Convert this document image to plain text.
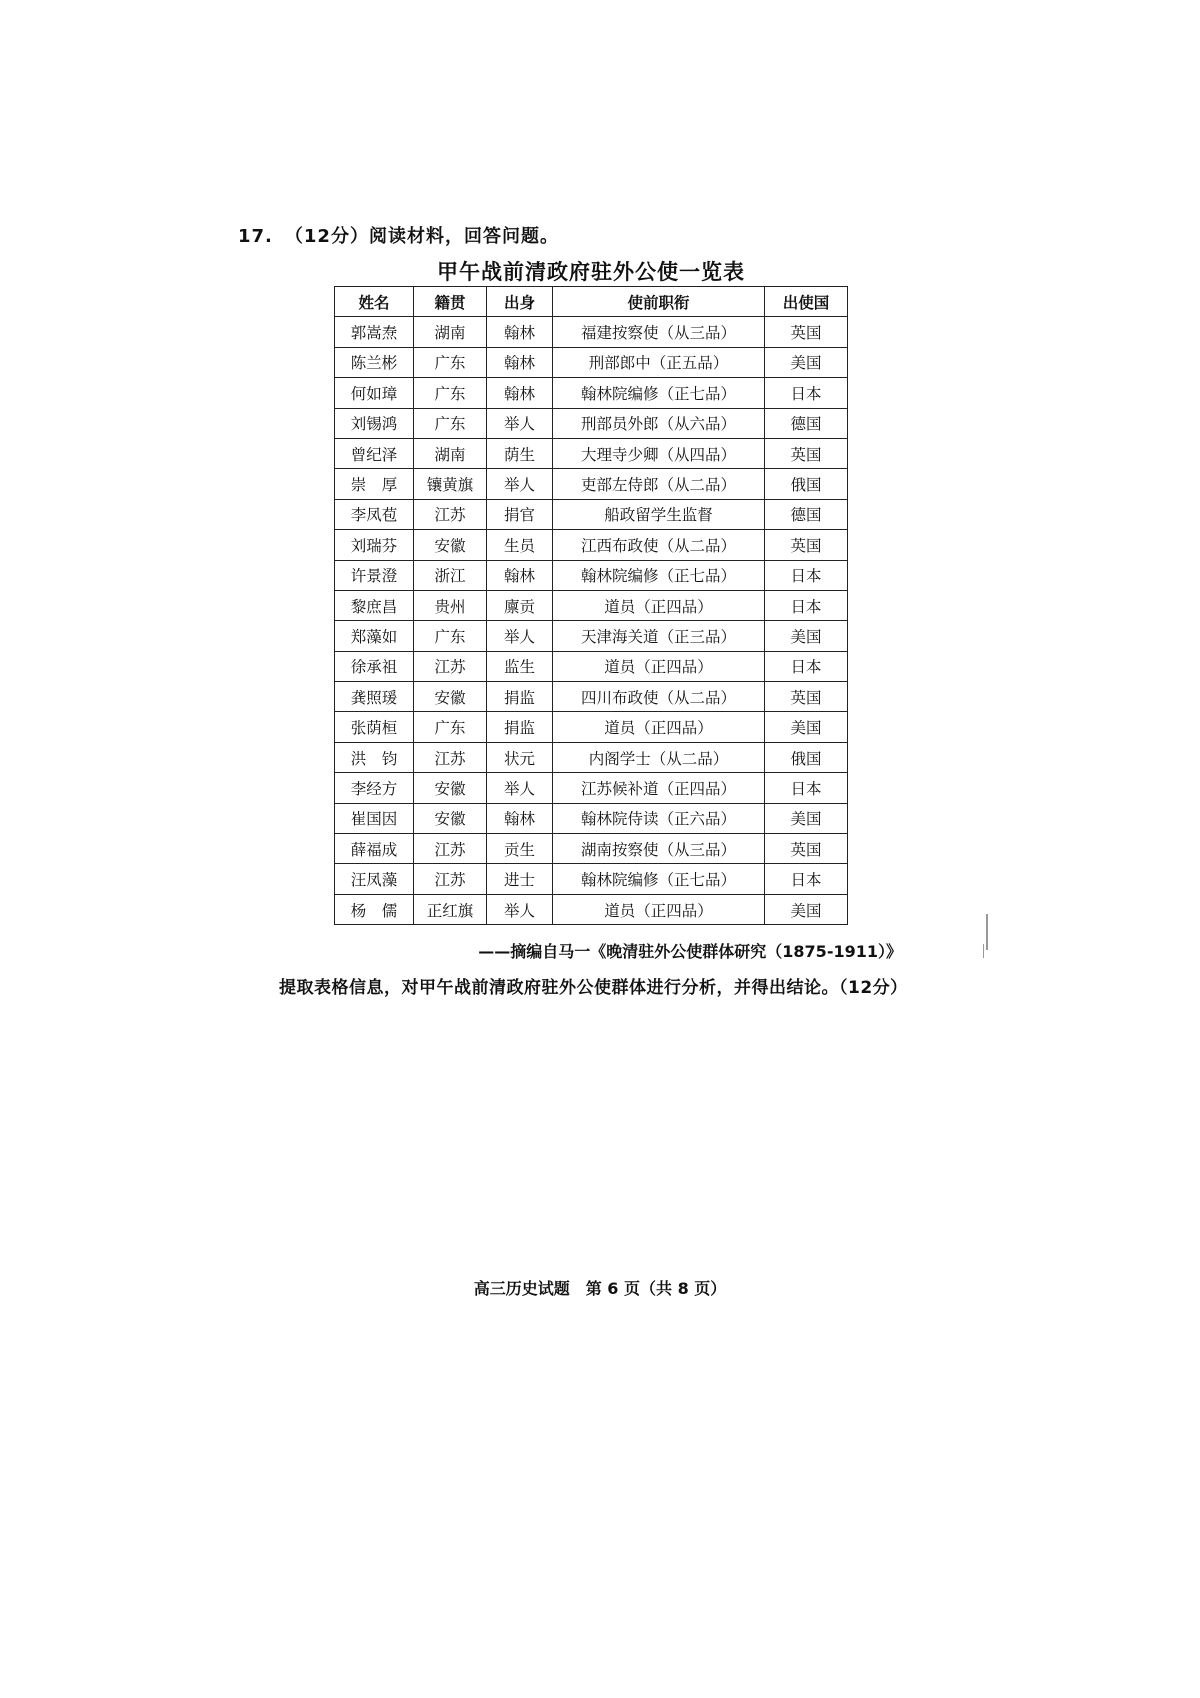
17. （12分）阅读材料，回答问题。
甲午战前清政府驻外公使一览表
姓名	籍贯	出身	使前职衔	出使国
郭嵩焘	湖南	翰林	福建按察使（从三品）	英国
陈兰彬	广东	翰林	刑部郎中（正五品）	美国
何如璋	广东	翰林	翰林院编修（正七品）	日本
刘锡鸿	广东	举人	刑部员外郎（从六品）	德国
曾纪泽	湖南	荫生	大理寺少卿（从四品）	英国
崇　厚	镶黄旗	举人	吏部左侍郎（从二品）	俄国
李凤苞	江苏	捐官	船政留学生监督	德国
刘瑞芬	安徽	生员	江西布政使（从二品）	英国
许景澄	浙江	翰林	翰林院编修（正七品）	日本
黎庶昌	贵州	廪贡	道员（正四品）	日本
郑藻如	广东	举人	天津海关道（正三品）	美国
徐承祖	江苏	监生	道员（正四品）	日本
龚照瑗	安徽	捐监	四川布政使（从二品）	英国
张荫桓	广东	捐监	道员（正四品）	美国
洪　钧	江苏	状元	内阁学士（从二品）	俄国
李经方	安徽	举人	江苏候补道（正四品）	日本
崔国因	安徽	翰林	翰林院侍读（正六品）	美国
薛福成	江苏	贡生	湖南按察使（从三品）	英国
汪凤藻	江苏	进士	翰林院编修（正七品）	日本
杨　儒	正红旗	举人	道员（正四品）	美国
——摘编自马一《晚清驻外公使群体研究（1875-1911）》
提取表格信息，对甲午战前清政府驻外公使群体进行分析，并得出结论。（12分）
高三历史试题　第 6 页（共 8 页）
